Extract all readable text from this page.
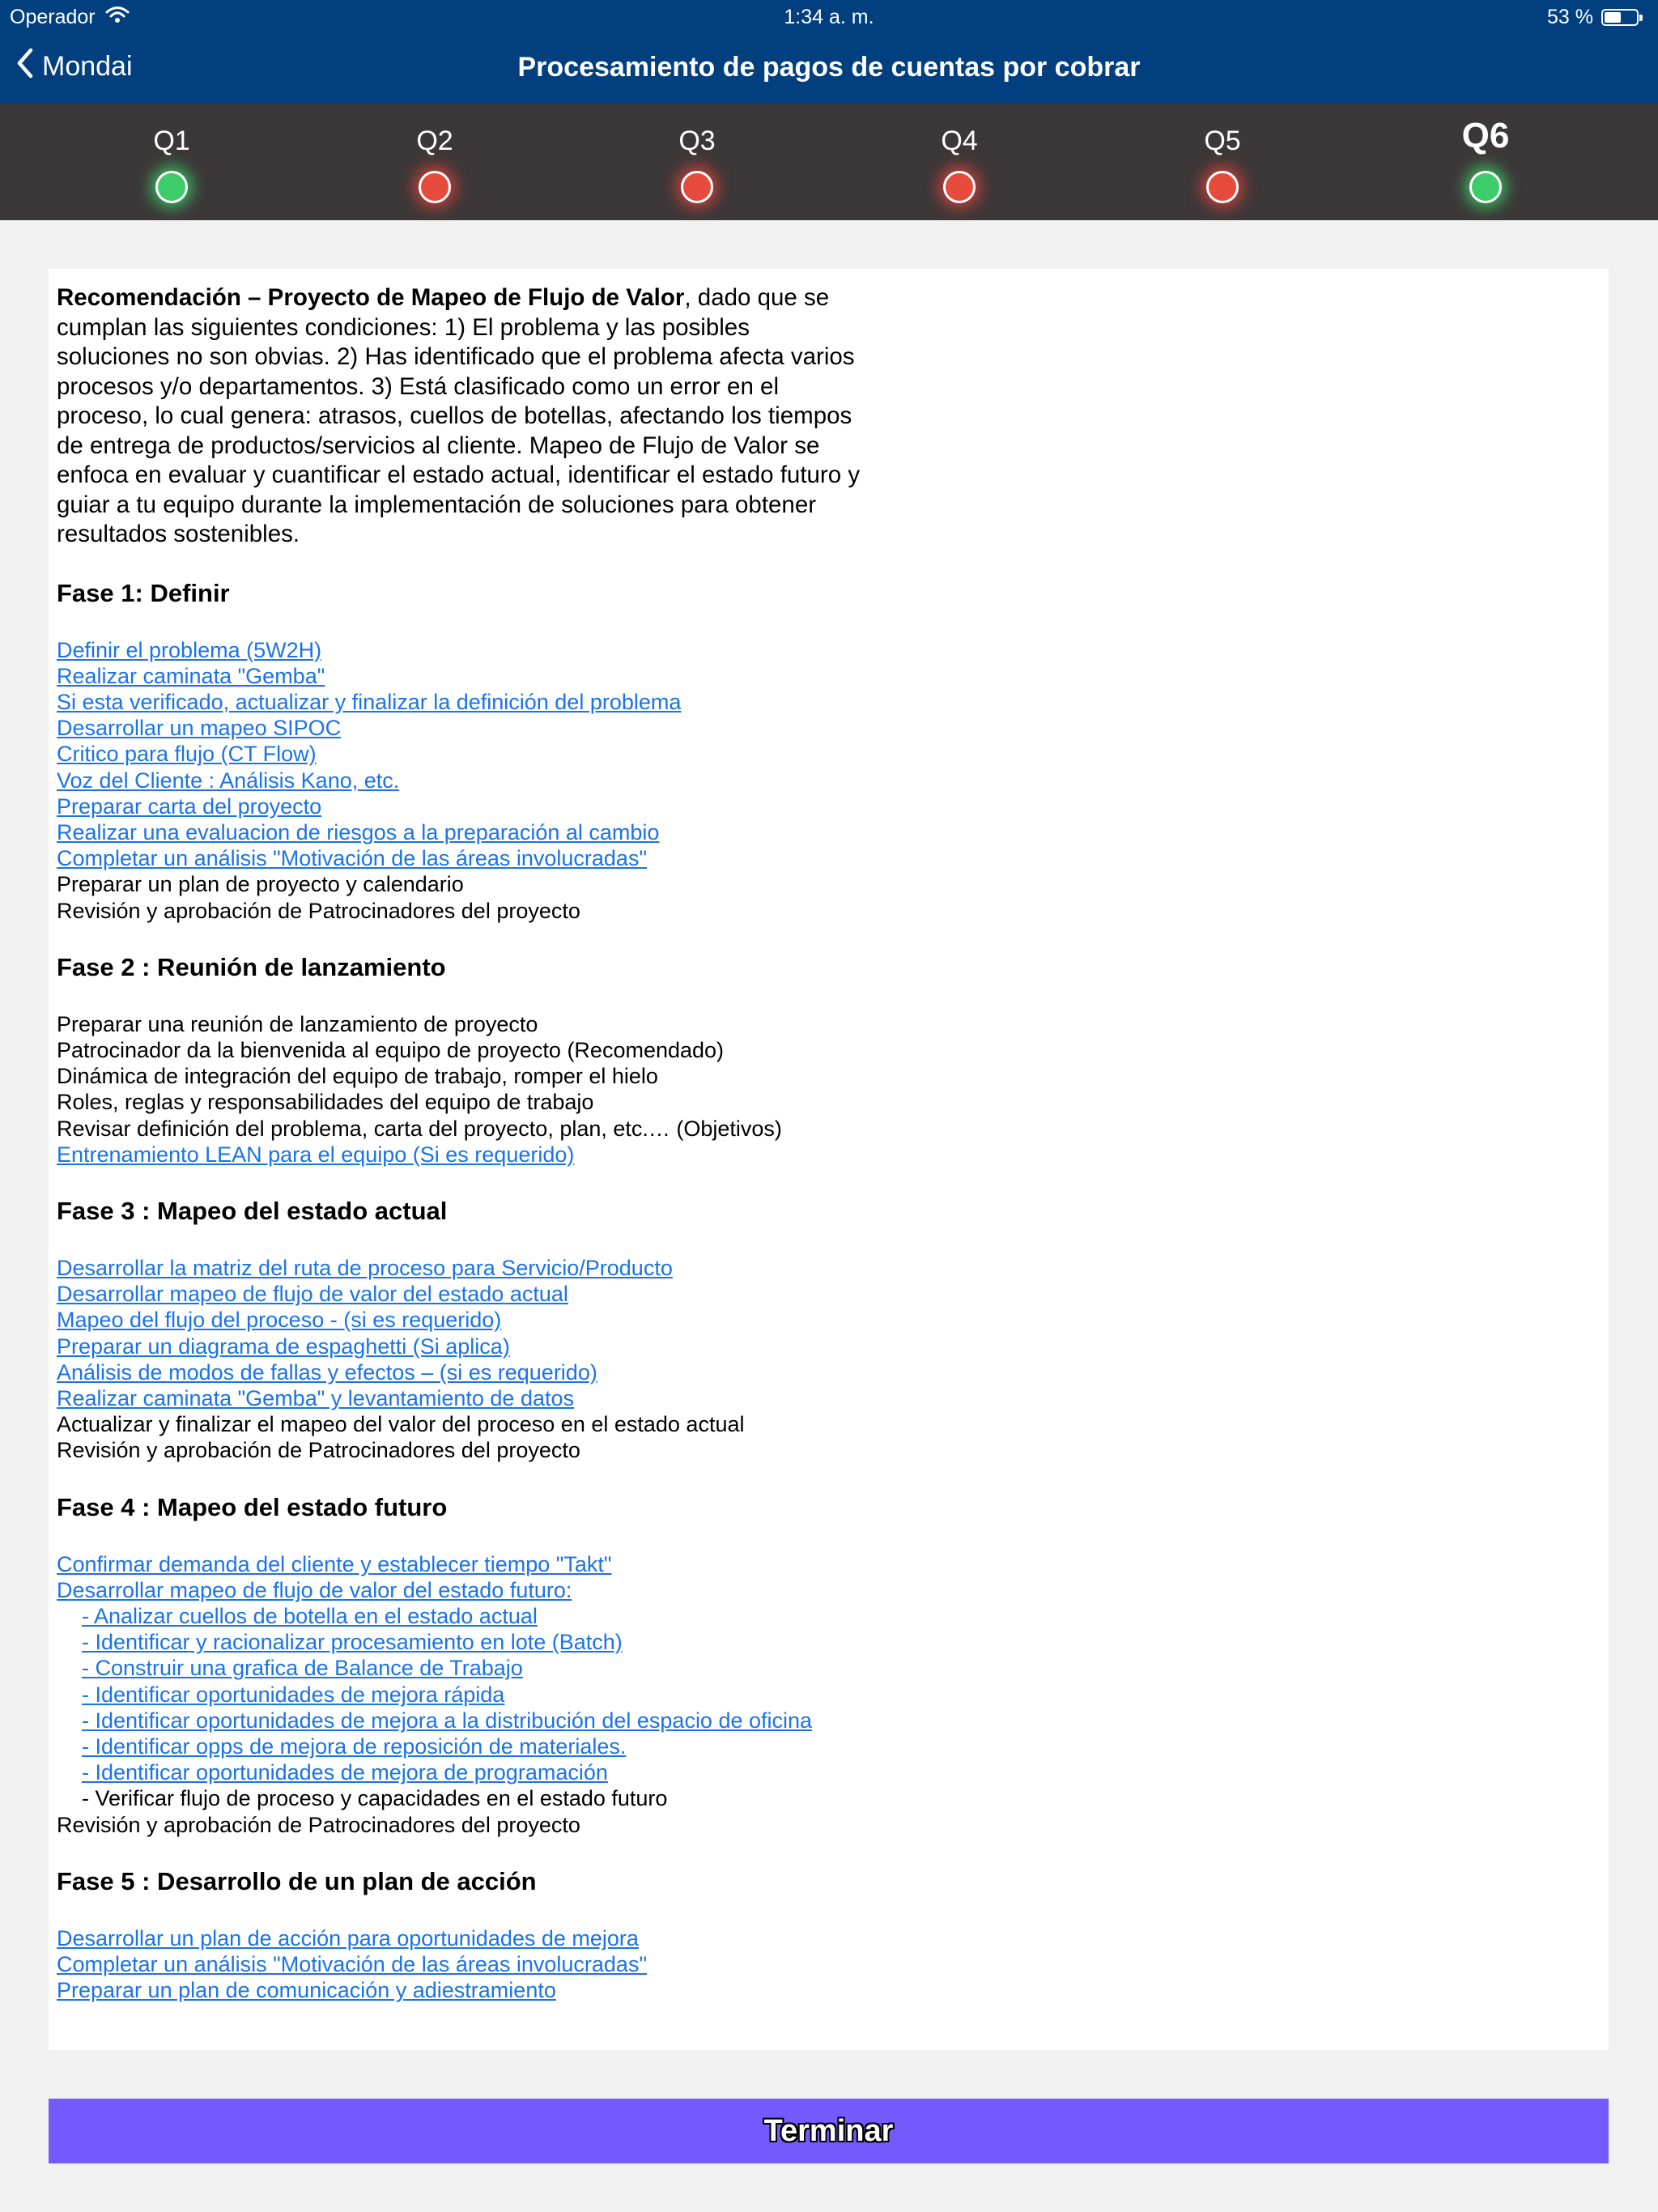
Operador	1:34 a. m.	53 %
Mondai	Procesamiento de pagos de cuentas por cobrar
Q1	Q2	Q3	Q4	Q5	Q6
Recomendación – Proyecto de Mapeo de Flujo de Valor, dado que se cumplan las siguientes condiciones: 1) El problema y las posibles soluciones no son obvias. 2) Has identificado que el problema afecta varios procesos y/o departamentos. 3) Está clasificado como un error en el proceso, lo cual genera: atrasos, cuellos de botellas, afectando los tiempos de entrega de productos/servicios al cliente. Mapeo de Flujo de Valor se enfoca en evaluar y cuantificar el estado actual, identificar el estado futuro y guiar a tu equipo durante la implementación de soluciones para obtener resultados sostenibles.
Fase 1: Definir
Definir el problema (5W2H)
Realizar caminata "Gemba"
Si esta verificado, actualizar y finalizar la definición del problema
Desarrollar un mapeo SIPOC
Critico para flujo (CT Flow)
Voz del Cliente : Análisis Kano, etc.
Preparar carta del proyecto
Realizar una evaluacion de riesgos a la preparación al cambio
Completar un análisis "Motivación de las áreas involucradas"
Preparar un plan de proyecto y calendario
Revisión y aprobación de Patrocinadores del proyecto
Fase 2 : Reunión de lanzamiento
Preparar una reunión de lanzamiento de proyecto
Patrocinador da la bienvenida al equipo de proyecto (Recomendado)
Dinámica de integración del equipo de trabajo, romper el hielo
Roles, reglas y responsabilidades del equipo de trabajo
Revisar definición del problema, carta del proyecto, plan, etc.… (Objetivos)
Entrenamiento LEAN para el equipo (Si es requerido)
Fase 3 : Mapeo del estado actual
Desarrollar la matriz del ruta de proceso para Servicio/Producto
Desarrollar mapeo de flujo de valor del estado actual
Mapeo del flujo del proceso - (si es requerido)
Preparar un diagrama de espaghetti (Si aplica)
Análisis de modos de fallas y efectos – (si es requerido)
Realizar caminata "Gemba" y levantamiento de datos
Actualizar y finalizar el mapeo del valor del proceso en el estado actual
Revisión y aprobación de Patrocinadores del proyecto
Fase 4 : Mapeo del estado futuro
Confirmar demanda del cliente y establecer tiempo "Takt"
Desarrollar mapeo de flujo de valor del estado futuro:
- Analizar cuellos de botella en el estado actual
- Identificar y racionalizar procesamiento en lote (Batch)
- Construir una grafica de Balance de Trabajo
- Identificar oportunidades de mejora rápida
- Identificar oportunidades de mejora a la distribución del espacio de oficina
- Identificar opps de mejora de reposición de materiales.
- Identificar oportunidades de mejora de programación
- Verificar flujo de proceso y capacidades en el estado futuro
Revisión y aprobación de Patrocinadores del proyecto
Fase 5 : Desarrollo de un plan de acción
Desarrollar un plan de acción para oportunidades de mejora
Completar un análisis "Motivación de las áreas involucradas"
Preparar un plan de comunicación y adiestramiento
Terminar
